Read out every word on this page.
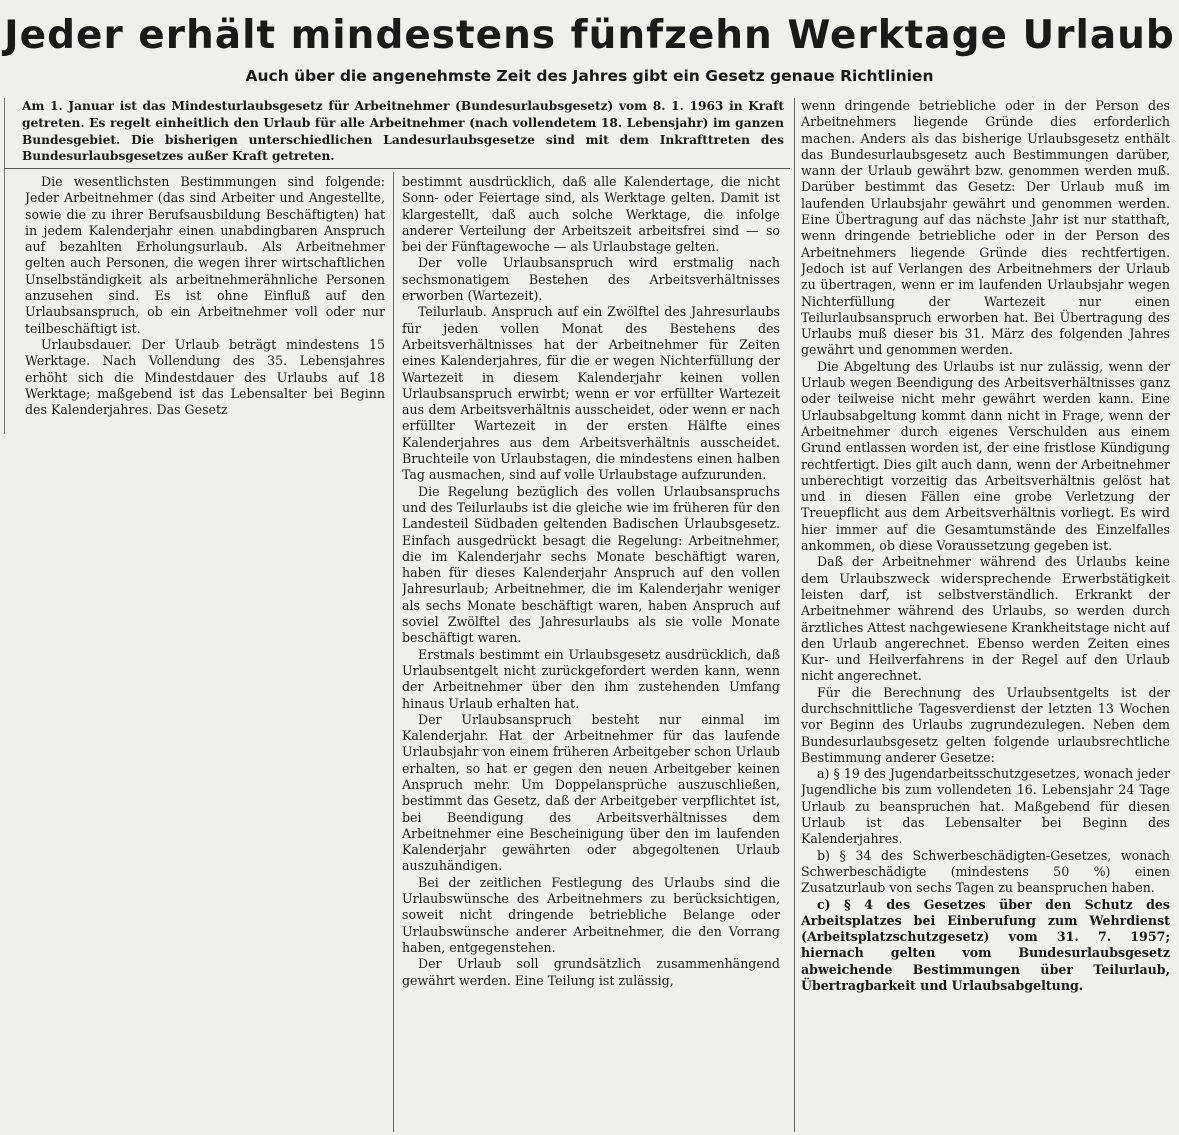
Jeder erhält mindestens fünfzehn Werktage Urlaub
Auch über die angenehmste Zeit des Jahres gibt ein Gesetz genaue Richtlinien
Am 1. Januar ist das Mindesturlaubsgesetz für Arbeitnehmer (Bundesurlaubsgesetz) vom 8. 1. 1963 in Kraft getreten. Es regelt einheitlich den Urlaub für alle Arbeitnehmer (nach vollendetem 18. Lebensjahr) im ganzen Bundesgebiet. Die bisherigen unterschiedlichen Landesurlaubsgesetze sind mit dem Inkrafttreten des Bundesurlaubsgesetzes außer Kraft getreten.

Die wesentlichsten Bestimmungen sind folgende: Jeder Arbeitnehmer (das sind Arbeiter und Angestellte, sowie die zu ihrer Berufsausbildung Beschäftigten) hat in jedem Kalenderjahr einen unabdingbaren Anspruch auf bezahlten Erholungsurlaub. Als Arbeitnehmer gelten auch Personen, die wegen ihrer wirtschaftlichen Unselbständigkeit als arbeitnehmerähnliche Personen anzusehen sind. Es ist ohne Einfluß auf den Urlaubsanspruch, ob ein Arbeitnehmer voll oder nur teilbeschäftigt ist.

Urlaubsdauer. Der Urlaub beträgt mindestens 15 Werktage. Nach Vollendung des 35. Lebensjahres erhöht sich die Mindestdauer des Urlaubs auf 18 Werktage; maßgebend ist das Lebensalter bei Beginn des Kalenderjahres. Das Gesetz

bestimmt ausdrücklich, daß alle Kalendertage, die nicht Sonn- oder Feiertage sind, als Werktage gelten. Damit ist klargestellt, daß auch solche Werktage, die infolge anderer Verteilung der Arbeitszeit arbeitsfrei sind — so bei der Fünftagewoche — als Urlaubstage gelten.

Der volle Urlaubsanspruch wird erstmalig nach sechsmonatigem Bestehen des Arbeitsverhältnisses erworben (Wartezeit).

Teilurlaub. Anspruch auf ein Zwölftel des Jahresurlaubs für jeden vollen Monat des Bestehens des Arbeitsverhältnisses hat der Arbeitnehmer für Zeiten eines Kalenderjahres, für die er wegen Nichterfüllung der Wartezeit in diesem Kalenderjahr keinen vollen Urlaubsanspruch erwirbt; wenn er vor erfüllter Wartezeit aus dem Arbeitsverhältnis ausscheidet, oder wenn er nach erfüllter Wartezeit in der ersten Hälfte eines Kalenderjahres aus dem Arbeitsverhältnis ausscheidet. Bruchteile von Urlaubstagen, die mindestens einen halben Tag ausmachen, sind auf volle Urlaubstage aufzurunden.

Die Regelung bezüglich des vollen Urlaubsanspruchs und des Teilurlaubs ist die gleiche wie im früheren für den Landesteil Südbaden geltenden Badischen Urlaubsgesetz. Einfach ausgedrückt besagt die Regelung: Arbeitnehmer, die im Kalenderjahr sechs Monate beschäftigt waren, haben für dieses Kalenderjahr Anspruch auf den vollen Jahresurlaub; Arbeitnehmer, die im Kalenderjahr weniger als sechs Monate beschäftigt waren, haben Anspruch auf soviel Zwölftel des Jahresurlaubs als sie volle Monate beschäftigt waren.

Erstmals bestimmt ein Urlaubsgesetz ausdrücklich, daß Urlaubsentgelt nicht zurückgefordert werden kann, wenn der Arbeitnehmer über den ihm zustehenden Umfang hinaus Urlaub erhalten hat.

Der Urlaubsanspruch besteht nur einmal im Kalenderjahr. Hat der Arbeitnehmer für das laufende Urlaubsjahr von einem früheren Arbeitgeber schon Urlaub erhalten, so hat er gegen den neuen Arbeitgeber keinen Anspruch mehr. Um Doppelansprüche auszuschließen, bestimmt das Gesetz, daß der Arbeitgeber verpflichtet ist, bei Beendigung des Arbeitsverhältnisses dem Arbeitnehmer eine Bescheinigung über den im laufenden Kalenderjahr gewährten oder abgegoltenen Urlaub auszuhändigen.

Bei der zeitlichen Festlegung des Urlaubs sind die Urlaubswünsche des Arbeitnehmers zu berücksichtigen, soweit nicht dringende betriebliche Belange oder Urlaubswünsche anderer Arbeitnehmer, die den Vorrang haben, entgegenstehen.

Der Urlaub soll grundsätzlich zusammenhängend gewährt werden. Eine Teilung ist zulässig,

wenn dringende betriebliche oder in der Person des Arbeitnehmers liegende Gründe dies erforderlich machen. Anders als das bisherige Urlaubsgesetz enthält das Bundesurlaubsgesetz auch Bestimmungen darüber, wann der Urlaub gewährt bzw. genommen werden muß. Darüber bestimmt das Gesetz: Der Urlaub muß im laufenden Urlaubsjahr gewährt und genommen werden. Eine Übertragung auf das nächste Jahr ist nur statthaft, wenn dringende betriebliche oder in der Person des Arbeitnehmers liegende Gründe dies rechtfertigen. Jedoch ist auf Verlangen des Arbeitnehmers der Urlaub zu übertragen, wenn er im laufenden Urlaubsjahr wegen Nichterfüllung der Wartezeit nur einen Teilurlaubsanspruch erworben hat. Bei Übertragung des Urlaubs muß dieser bis 31. März des folgenden Jahres gewährt und genommen werden.

Die Abgeltung des Urlaubs ist nur zulässig, wenn der Urlaub wegen Beendigung des Arbeitsverhältnisses ganz oder teilweise nicht mehr gewährt werden kann. Eine Urlaubsabgeltung kommt dann nicht in Frage, wenn der Arbeitnehmer durch eigenes Verschulden aus einem Grund entlassen worden ist, der eine fristlose Kündigung rechtfertigt. Dies gilt auch dann, wenn der Arbeitnehmer unberechtigt vorzeitig das Arbeitsverhältnis gelöst hat und in diesen Fällen eine grobe Verletzung der Treuepflicht aus dem Arbeitsverhältnis vorliegt. Es wird hier immer auf die Gesamtumstände des Einzelfalles ankommen, ob diese Voraussetzung gegeben ist.

Daß der Arbeitnehmer während des Urlaubs keine dem Urlaubszweck widersprechende Erwerbstätigkeit leisten darf, ist selbstverständlich. Erkrankt der Arbeitnehmer während des Urlaubs, so werden durch ärztliches Attest nachgewiesene Krankheitstage nicht auf den Urlaub angerechnet. Ebenso werden Zeiten eines Kur- und Heilverfahrens in der Regel auf den Urlaub nicht angerechnet.

Für die Berechnung des Urlaubsentgelts ist der durchschnittliche Tagesverdienst der letzten 13 Wochen vor Beginn des Urlaubs zugrundezulegen. Neben dem Bundesurlaubsgesetz gelten folgende urlaubsrechtliche Bestimmung anderer Gesetze:

a) § 19 des Jugendarbeitsschutzgesetzes, wonach jeder Jugendliche bis zum vollendeten 16. Lebensjahr 24 Tage Urlaub zu beanspruchen hat. Maßgebend für diesen Urlaub ist das Lebensalter bei Beginn des Kalenderjahres.

b) § 34 des Schwerbeschädigten-Gesetzes, wonach Schwerbeschädigte (mindestens 50 %) einen Zusatzurlaub von sechs Tagen zu beanspruchen haben.

c) § 4 des Gesetzes über den Schutz des Arbeitsplatzes bei Einberufung zum Wehrdienst (Arbeitsplatzschutzgesetz) vom 31. 7. 1957; hiernach gelten vom Bundesurlaubsgesetz abweichende Bestimmungen über Teilurlaub, Übertragbarkeit und Urlaubsabgeltung.
